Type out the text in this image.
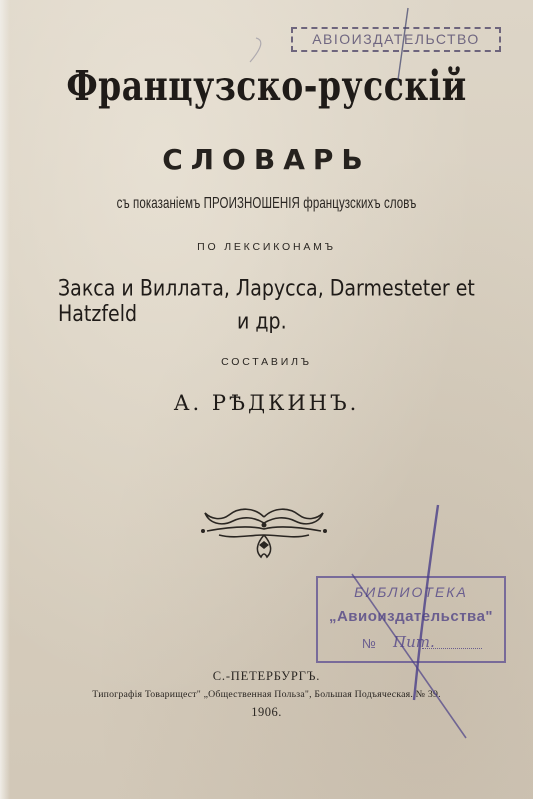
АВІОИЗДАТЕЛЬСТВО
Французско-русскій
СЛОВАРЬ
съ показаніемъ ПРОИЗНОШЕНІЯ французскихъ словъ
ПО ЛЕКСИКОНАМЪ
Закса и Виллата, Ларусса, Darmesteter et Hatzfeld	и др.
СОСТАВИЛЪ
А. РѢДКИНЪ.
БИБЛИОТЕКА
„Авиоиздательства"
№ Пит.
С.-ПЕТЕРБУРГЪ.
Типографія Товарищест" „Общественная Польза", Большая Подъяческая. № 39.
1906.
